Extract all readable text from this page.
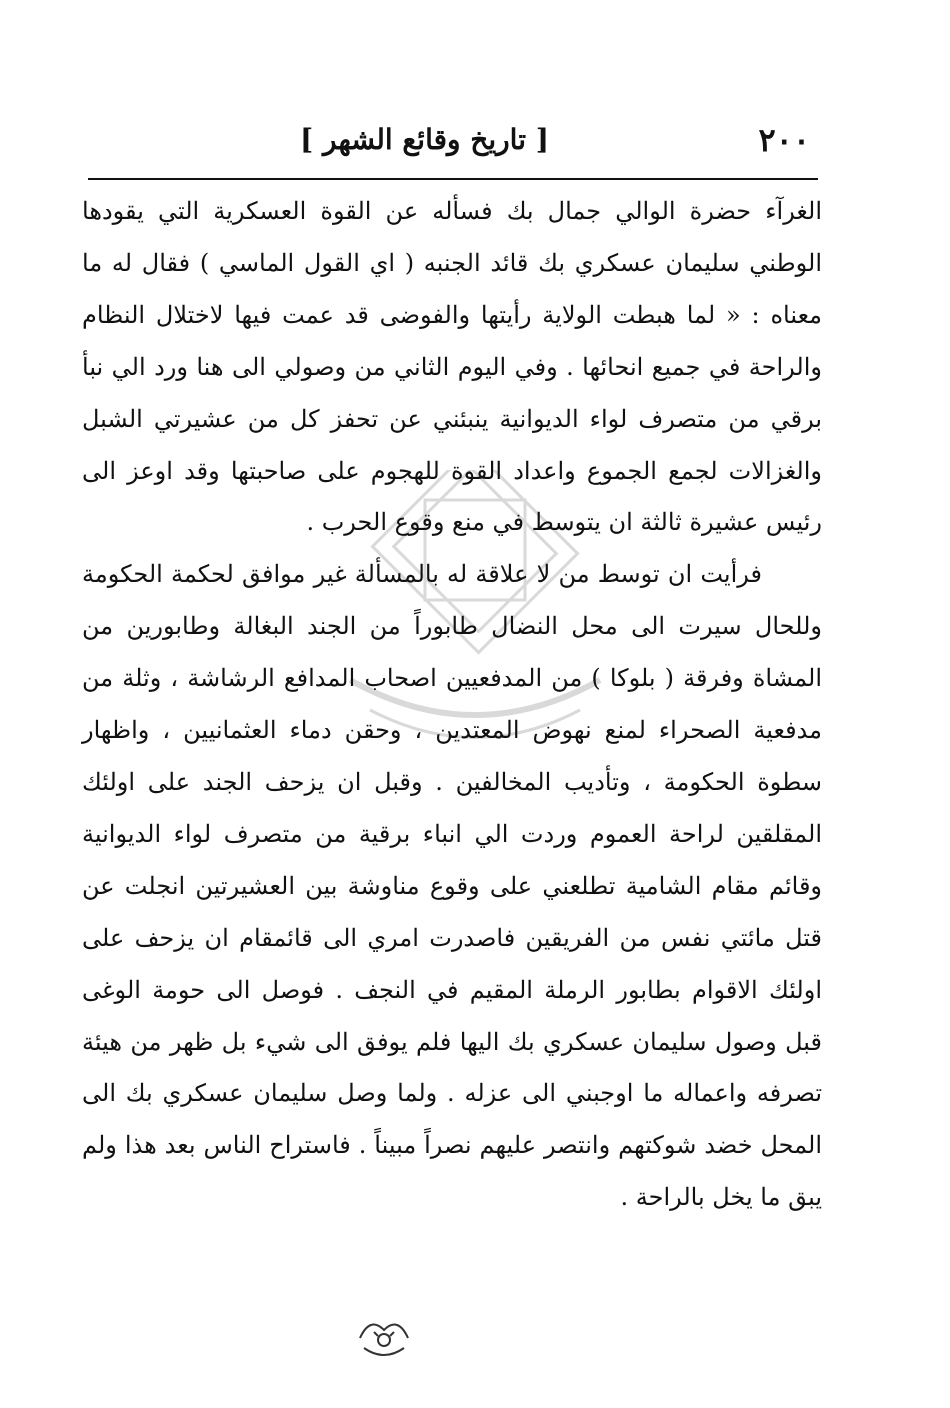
٢٠٠
[ تاريخ وقائع الشهر ]

الغرآء حضرة الوالي جمال بك فسأله عن القوة العسكرية التي يقودها الوطني سليمان عسكري بك قائد الجنبه ( اي القول الماسي ) فقال له ما معناه : « لما هبطت الولاية رأيتها والفوضى قد عمت فيها لاختلال النظام والراحة في جميع انحائها . وفي اليوم الثاني من وصولي الى هنا ورد الي نبأ برقي من متصرف لواء الديوانية ينبئني عن تحفز كل من عشيرتي الشبل والغزالات لجمع الجموع واعداد القوة للهجوم على صاحبتها وقد اوعز الى رئيس عشيرة ثالثة ان يتوسط في منع وقوع الحرب .

فرأيت ان توسط من لا علاقة له بالمسألة غير موافق لحكمة الحكومة وللحال سيرت الى محل النضال طابوراً من الجند البغالة وطابورين من المشاة وفرقة ( بلوكا ) من المدفعيين اصحاب المدافع الرشاشة ، وثلة من مدفعية الصحراء لمنع نهوض المعتدين ، وحقن دماء العثمانيين ، واظهار سطوة الحكومة ، وتأديب المخالفين . وقبل ان يزحف الجند على اولئك المقلقين لراحة العموم وردت الي انباء برقية من متصرف لواء الديوانية وقائم مقام الشامية تطلعني على وقوع مناوشة بين العشيرتين انجلت عن قتل مائتي نفس من الفريقين فاصدرت امري الى قائمقام ان يزحف على اولئك الاقوام بطابور الرملة المقيم في النجف . فوصل الى حومة الوغى قبل وصول سليمان عسكري بك اليها فلم يوفق الى شيء بل ظهر من هيئة تصرفه واعماله ما اوجبني الى عزله . ولما وصل سليمان عسكري بك الى المحل خضد شوكتهم وانتصر عليهم نصراً مبيناً . فاستراح الناس بعد هذا ولم يبق ما يخل بالراحة .
